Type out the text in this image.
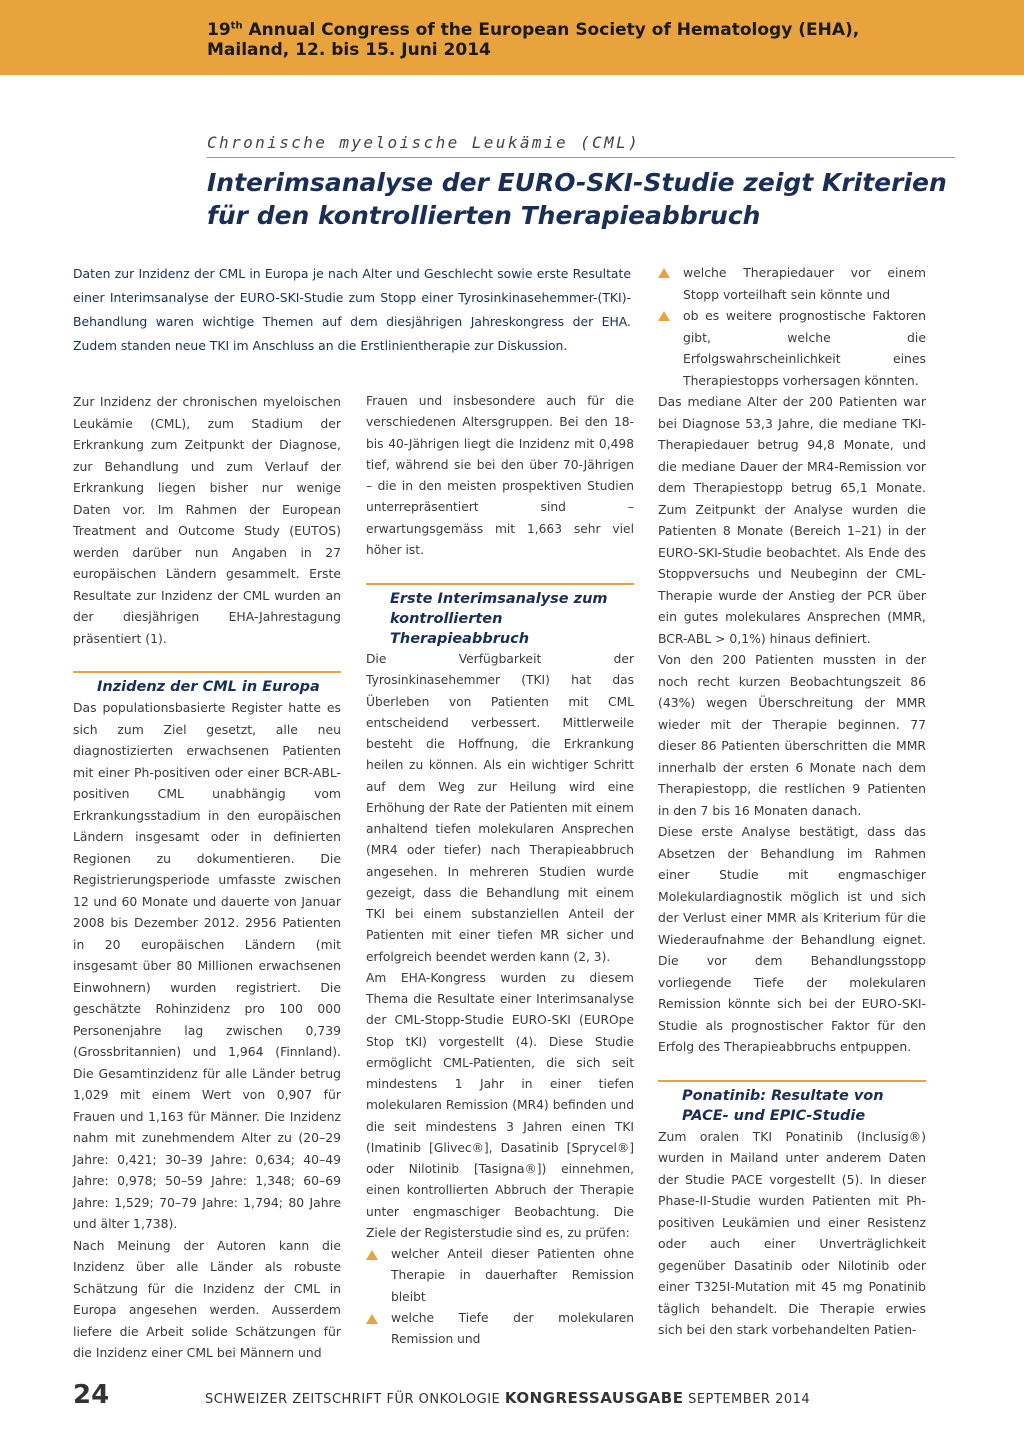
19th Annual Congress of the European Society of Hematology (EHA),
Mailand, 12. bis 15. Juni 2014
Chronische myeloische Leukämie (CML)
Interimsanalyse der EURO-SKI-Studie zeigt Kriterien
für den kontrollierten Therapieabbruch

Daten zur Inzidenz der CML in Europa je nach Alter und Geschlecht sowie erste Resultate einer Interimsanalyse der EURO-SKI-Studie zum Stopp einer Tyrosinkinasehemmer-(TKI)-Behandlung waren wichtige Themen auf dem diesjährigen Jahreskongress der EHA. Zudem standen neue TKI im Anschluss an die Erstlinientherapie zur Diskussion.

Zur Inzidenz der chronischen myeloischen Leukämie (CML), zum Stadium der Erkrankung zum Zeitpunkt der Diagnose, zur Behandlung und zum Verlauf der Erkrankung liegen bisher nur wenige Daten vor. Im Rahmen der European Treatment and Outcome Study (EUTOS) werden darüber nun Angaben in 27 europäischen Ländern gesammelt. Erste Resultate zur Inzidenz der CML wurden an der diesjährigen EHA-Jahrestagung präsentiert (1).

Inzidenz der CML in Europa

Das populationsbasierte Register hatte es sich zum Ziel gesetzt, alle neu diagnostizierten erwachsenen Patienten mit einer Ph-positiven oder einer BCR-ABL-positiven CML unabhängig vom Erkrankungsstadium in den europäischen Ländern insgesamt oder in definierten Regionen zu dokumentieren. Die Registrierungsperiode umfasste zwischen 12 und 60 Monate und dauerte von Januar 2008 bis Dezember 2012. 2956 Patienten in 20 europäischen Ländern (mit insgesamt über 80 Millionen erwachsenen Einwohnern) wurden registriert. Die geschätzte Rohinzidenz pro 100 000 Personenjahre lag zwischen 0,739 (Grossbritannien) und 1,964 (Finnland). Die Gesamtinzidenz für alle Länder betrug 1,029 mit einem Wert von 0,907 für Frauen und 1,163 für Männer. Die Inzidenz nahm mit zunehmendem Alter zu (20–29 Jahre: 0,421; 30–39 Jahre: 0,634; 40–49 Jahre: 0,978; 50–59 Jahre: 1,348; 60–69 Jahre: 1,529; 70–79 Jahre: 1,794; 80 Jahre und älter 1,738).

Nach Meinung der Autoren kann die Inzidenz über alle Länder als robuste Schätzung für die Inzidenz der CML in Europa angesehen werden. Ausserdem liefere die Arbeit solide Schätzungen für die Inzidenz einer CML bei Männern und

Frauen und insbesondere auch für die verschiedenen Altersgruppen. Bei den 18- bis 40-Jährigen liegt die Inzidenz mit 0,498 tief, während sie bei den über 70-Jährigen – die in den meisten prospektiven Studien unterrepräsentiert sind – erwartungsgemäss mit 1,663 sehr viel höher ist.

Erste Interimsanalyse zum kontrollierten Therapieabbruch

Die Verfügbarkeit der Tyrosinkinasehemmer (TKI) hat das Überleben von Patienten mit CML entscheidend verbessert. Mittlerweile besteht die Hoffnung, die Erkrankung heilen zu können. Als ein wichtiger Schritt auf dem Weg zur Heilung wird eine Erhöhung der Rate der Patienten mit einem anhaltend tiefen molekularen Ansprechen (MR4 oder tiefer) nach Therapieabbruch angesehen. In mehreren Studien wurde gezeigt, dass die Behandlung mit einem TKI bei einem substanziellen Anteil der Patienten mit einer tiefen MR sicher und erfolgreich beendet werden kann (2, 3).

Am EHA-Kongress wurden zu diesem Thema die Resultate einer Interimsanalyse der CML-Stopp-Studie EURO-SKI (EUROpe Stop tKI) vorgestellt (4). Diese Studie ermöglicht CML-Patienten, die sich seit mindestens 1 Jahr in einer tiefen molekularen Remission (MR4) befinden und die seit mindestens 3 Jahren einen TKI (Imatinib [Glivec®], Dasatinib [Sprycel®] oder Nilotinib [Tasigna®]) einnehmen, einen kontrollierten Abbruch der Therapie unter engmaschiger Beobachtung. Die Ziele der Registerstudie sind es, zu prüfen:

welcher Anteil dieser Patienten ohne Therapie in dauerhafter Remission bleibt
welche Tiefe der molekularen Remission und
welche Therapiedauer vor einem Stopp vorteilhaft sein könnte und
ob es weitere prognostische Faktoren gibt, welche die Erfolgswahrscheinlichkeit eines Therapiestopps vorhersagen könnten.

Das mediane Alter der 200 Patienten war bei Diagnose 53,3 Jahre, die mediane TKI-Therapiedauer betrug 94,8 Monate, und die mediane Dauer der MR4-Remission vor dem Therapiestopp betrug 65,1 Monate. Zum Zeitpunkt der Analyse wurden die Patienten 8 Monate (Bereich 1–21) in der EURO-SKI-Studie beobachtet. Als Ende des Stoppversuchs und Neubeginn der CML-Therapie wurde der Anstieg der PCR über ein gutes molekulares Ansprechen (MMR, BCR-ABL > 0,1%) hinaus definiert.

Von den 200 Patienten mussten in der noch recht kurzen Beobachtungszeit 86 (43%) wegen Überschreitung der MMR wieder mit der Therapie beginnen. 77 dieser 86 Patienten überschritten die MMR innerhalb der ersten 6 Monate nach dem Therapiestopp, die restlichen 9 Patienten in den 7 bis 16 Monaten danach.

Diese erste Analyse bestätigt, dass das Absetzen der Behandlung im Rahmen einer Studie mit engmaschiger Molekulardiagnostik möglich ist und sich der Verlust einer MMR als Kriterium für die Wiederaufnahme der Behandlung eignet. Die vor dem Behandlungsstopp vorliegende Tiefe der molekularen Remission könnte sich bei der EURO-SKI-Studie als prognostischer Faktor für den Erfolg des Therapieabbruchs entpuppen.

Ponatinib: Resultate von PACE- und EPIC-Studie

Zum oralen TKI Ponatinib (Inclusig®) wurden in Mailand unter anderem Daten der Studie PACE vorgestellt (5). In dieser Phase-II-Studie wurden Patienten mit Ph-positiven Leukämien und einer Resistenz oder auch einer Unverträglichkeit gegenüber Dasatinib oder Nilotinib oder einer T325I-Mutation mit 45 mg Ponatinib täglich behandelt. Die Therapie erwies sich bei den stark vorbehandelten Patien-

24	SCHWEIZER ZEITSCHRIFT FÜR ONKOLOGIE KONGRESSAUSGABE SEPTEMBER 2014
